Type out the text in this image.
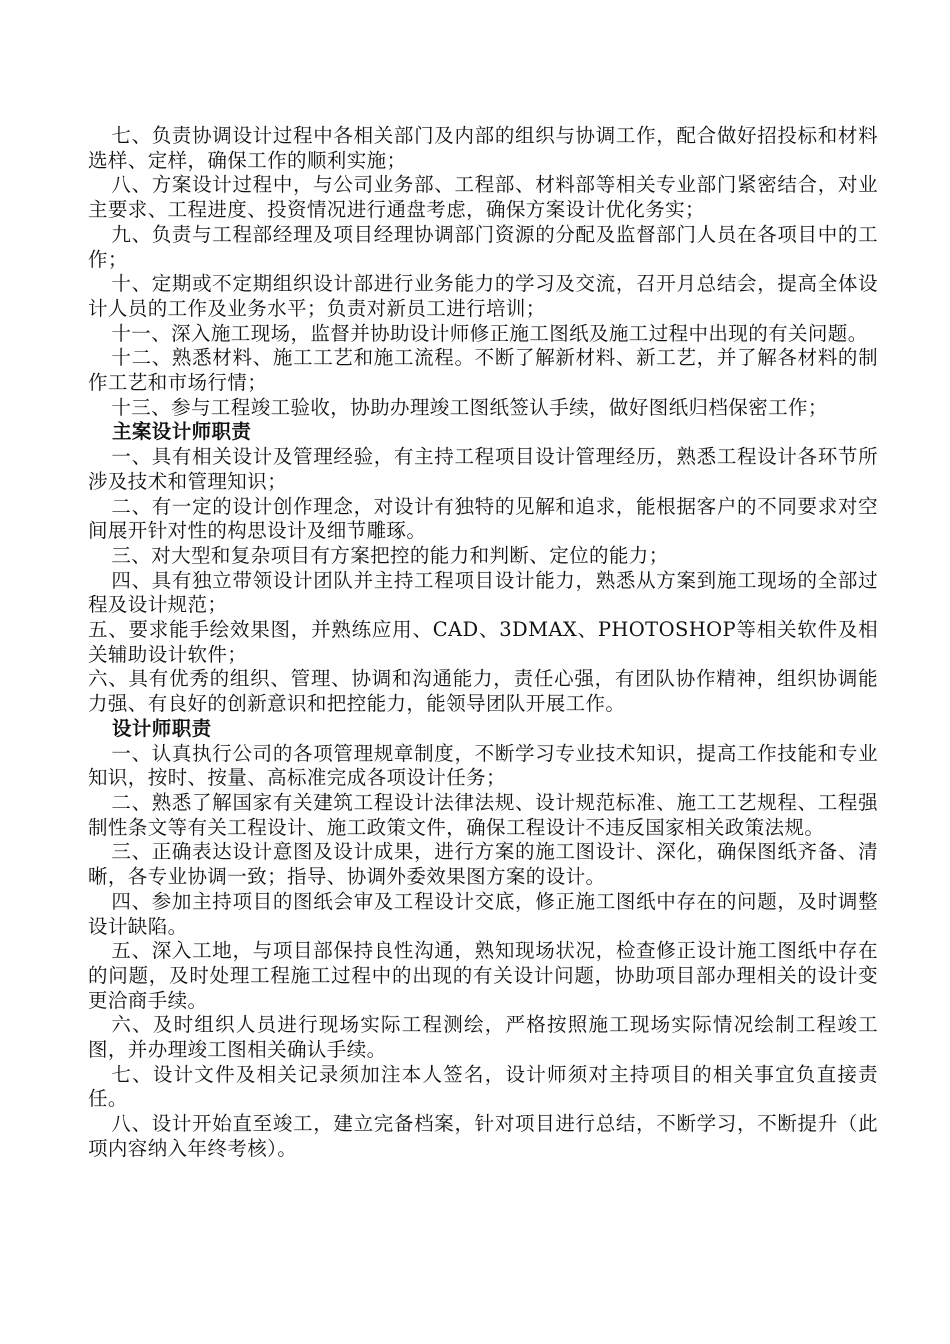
七、负责协调设计过程中各相关部门及内部的组织与协调工作，配合做好招投标和材料选样、定样，确保工作的顺利实施；

八、方案设计过程中，与公司业务部、工程部、材料部等相关专业部门紧密结合，对业主要求、工程进度、投资情况进行通盘考虑，确保方案设计优化务实；

九、负责与工程部经理及项目经理协调部门资源的分配及监督部门人员在各项目中的工作；

十、定期或不定期组织设计部进行业务能力的学习及交流，召开月总结会，提高全体设计人员的工作及业务水平；负责对新员工进行培训；

十一、深入施工现场，监督并协助设计师修正施工图纸及施工过程中出现的有关问题。

十二、熟悉材料、施工工艺和施工流程。不断了解新材料、新工艺，并了解各材料的制作工艺和市场行情；

十三、参与工程竣工验收，协助办理竣工图纸签认手续，做好图纸归档保密工作；

主案设计师职责

一、具有相关设计及管理经验，有主持工程项目设计管理经历，熟悉工程设计各环节所涉及技术和管理知识；

二、有一定的设计创作理念，对设计有独特的见解和追求，能根据客户的不同要求对空间展开针对性的构思设计及细节雕琢。

三、对大型和复杂项目有方案把控的能力和判断、定位的能力；

四、具有独立带领设计团队并主持工程项目设计能力，熟悉从方案到施工现场的全部过程及设计规范；

五、要求能手绘效果图，并熟练应用、CAD、3DMAX、PHOTOSHOP等相关软件及相关辅助设计软件；

六、具有优秀的组织、管理、协调和沟通能力，责任心强，有团队协作精神，组织协调能力强、有良好的创新意识和把控能力，能领导团队开展工作。

设计师职责

一、认真执行公司的各项管理规章制度，不断学习专业技术知识，提高工作技能和专业知识，按时、按量、高标准完成各项设计任务；

二、熟悉了解国家有关建筑工程设计法律法规、设计规范标准、施工工艺规程、工程强制性条文等有关工程设计、施工政策文件，确保工程设计不违反国家相关政策法规。

三、正确表达设计意图及设计成果，进行方案的施工图设计、深化，确保图纸齐备、清晰，各专业协调一致；指导、协调外委效果图方案的设计。

四、参加主持项目的图纸会审及工程设计交底，修正施工图纸中存在的问题，及时调整设计缺陷。

五、深入工地，与项目部保持良性沟通，熟知现场状况，检查修正设计施工图纸中存在的问题，及时处理工程施工过程中的出现的有关设计问题，协助项目部办理相关的设计变更洽商手续。

六、及时组织人员进行现场实际工程测绘，严格按照施工现场实际情况绘制工程竣工图，并办理竣工图相关确认手续。

七、设计文件及相关记录须加注本人签名，设计师须对主持项目的相关事宜负直接责任。

八、设计开始直至竣工，建立完备档案，针对项目进行总结，不断学习，不断提升（此项内容纳入年终考核）。
